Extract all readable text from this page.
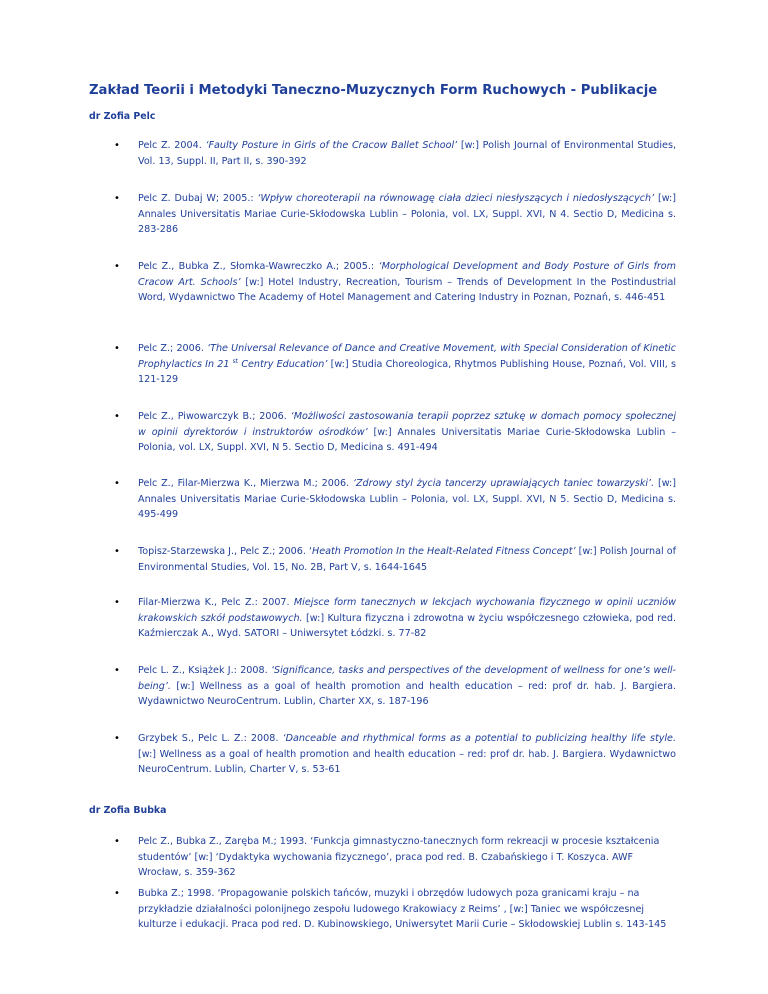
Zakład Teorii i Metodyki Taneczno-Muzycznych Form Ruchowych - Publikacje
dr Zofia Pelc
•	Pelc Z. 2004. ‘Faulty Posture in Girls of the Cracow Ballet School’ [w:] Polish Journal of Environmental Studies, Vol. 13, Suppl. II, Part II, s. 390-392
•	Pelc Z. Dubaj W; 2005.: ‘Wpływ choreoterapii na równowagę ciała dzieci niesłyszących i niedosłyszących’ [w:] Annales Universitatis Mariae Curie-Skłodowska Lublin – Polonia, vol. LX, Suppl. XVI, N 4. Sectio D, Medicina s. 283-286
•	Pelc Z., Bubka Z., Słomka-Wawreczko A.; 2005.: ‘Morphological Development and Body Posture of Girls from Cracow Art. Schools’ [w:] Hotel Industry, Recreation, Tourism – Trends of Development In the Postindustrial Word, Wydawnictwo The Academy of Hotel Management and Catering Industry in Poznan, Poznań, s. 446-451
•	Pelc Z.; 2006. ‘The Universal Relevance of Dance and Creative Movement, with Special Consideration of Kinetic Prophylactics In 21 $^{st}$ Centry Education’ [w:] Studia Choreologica, Rhytmos Publishing House, Poznań, Vol. VIII, s 121-129
•	Pelc Z., Piwowarczyk B.; 2006. ‘Możliwości zastosowania terapii poprzez sztukę w domach pomocy społecznej w opinii dyrektorów i instruktorów ośrodków’ [w:] Annales Universitatis Mariae Curie-Skłodowska Lublin – Polonia, vol. LX, Suppl. XVI, N 5. Sectio D, Medicina s. 491-494
•	Pelc Z., Filar-Mierzwa K., Mierzwa M.; 2006. ‘Zdrowy styl życia tancerzy uprawiających taniec towarzyski’. [w:] Annales Universitatis Mariae Curie-Skłodowska Lublin – Polonia, vol. LX, Suppl. XVI, N 5. Sectio D, Medicina s. 495-499
•	Topisz-Starzewska J., Pelc Z.; 2006. ‘Heath Promotion In the Healt-Related Fitness Concept’ [w:] Polish Journal of Environmental Studies, Vol. 15, No. 2B, Part V, s. 1644-1645
•	Filar-Mierzwa K., Pelc Z.: 2007. Miejsce form tanecznych w lekcjach wychowania fizycznego w opinii uczniów krakowskich szkół podstawowych. [w:] Kultura fizyczna i zdrowotna w życiu współczesnego człowieka, pod red. Kaźmierczak A., Wyd. SATORI – Uniwersytet Łódzki. s. 77-82
•	Pelc L. Z., Książek J.: 2008. ‘Significance, tasks and perspectives of the development of wellness for one’s well-being’. [w:] Wellness as a goal of health promotion and health education – red: prof dr. hab. J. Bargiera. Wydawnictwo NeuroCentrum. Lublin, Charter XX, s. 187-196
•	Grzybek S., Pelc L. Z.: 2008. ‘Danceable and rhythmical forms as a potential to publicizing healthy life style. [w:] Wellness as a goal of health promotion and health education – red: prof dr. hab. J. Bargiera. Wydawnictwo NeuroCentrum. Lublin, Charter V, s. 53-61
dr Zofia Bubka
•	Pelc Z., Bubka Z., Zaręba M.; 1993. ‘Funkcja gimnastyczno-tanecznych form rekreacji w procesie kształcenia studentów’ [w:] ‘Dydaktyka wychowania fizycznego’, praca pod red. B. Czabańskiego i T. Koszyca. AWF Wrocław, s. 359-362
•	Bubka Z.; 1998. ‘Propagowanie polskich tańców, muzyki i obrzędów ludowych poza granicami kraju – na przykładzie działalności polonijnego zespołu ludowego Krakowiacy z Reims’ , [w:] Taniec we współczesnej kulturze i edukacji. Praca pod red. D. Kubinowskiego, Uniwersytet Marii Curie – Skłodowskiej Lublin s. 143-145
